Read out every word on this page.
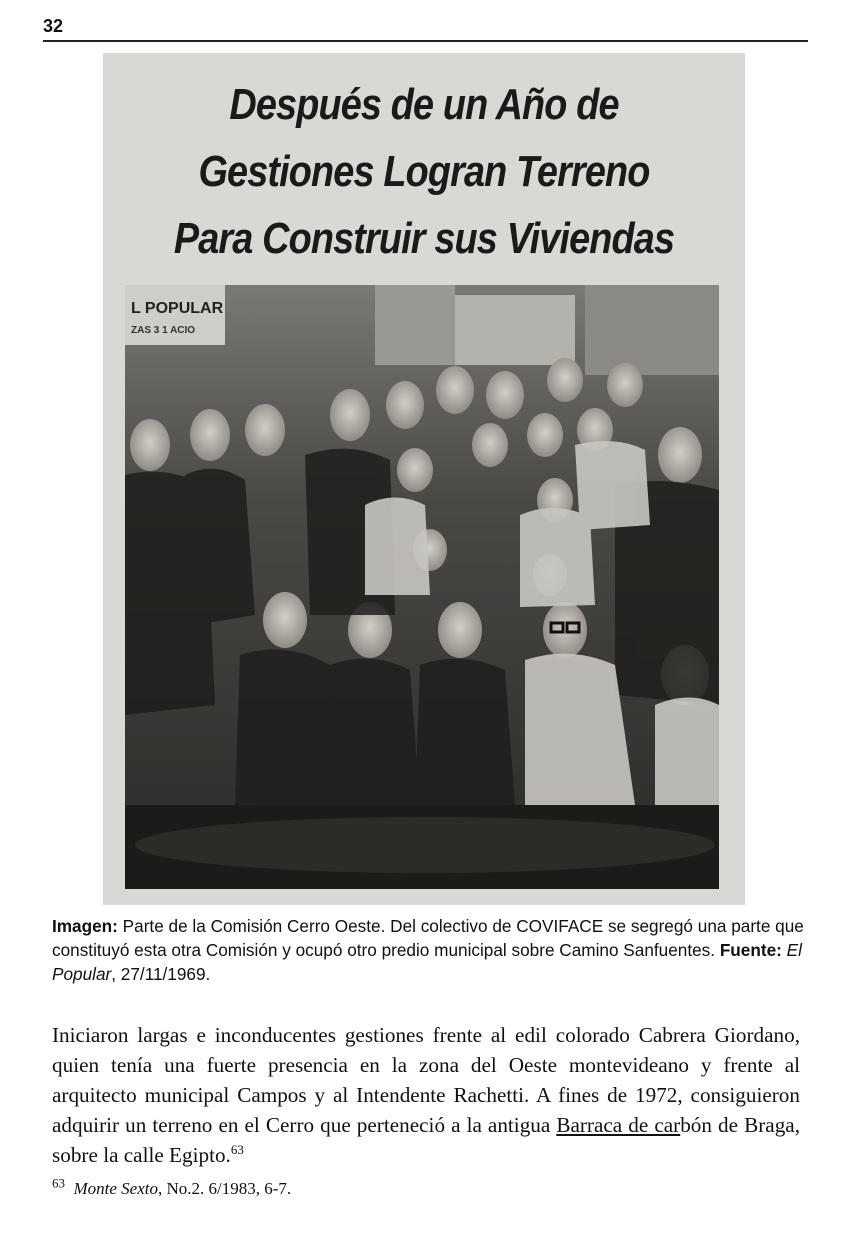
32
Después de un Año de
Gestiones Logran Terreno
Para Construir sus Viviendas
L POPULAR
ZAS 3 1 ACIO

Imagen: Parte de la Comisión Cerro Oeste. Del colectivo de COVIFACE se segregó una parte que constituyó esta otra Comisión y ocupó otro predio municipal sobre Camino Sanfuentes. Fuente: El Popular, 27/11/1969.

Iniciaron largas e inconducentes gestiones frente al edil colorado Cabrera Giordano, quien tenía una fuerte presencia en la zona del Oeste montevideano y frente al arquitecto municipal Campos y al Intendente Rachetti. A fines de 1972, consiguieron adquirir un terreno en el Cerro que perteneció a la antigua Barraca de carbón de Braga, sobre la calle Egipto.$^{63}$

$^{63}$ Monte Sexto, No.2. 6/1983, 6-7.
